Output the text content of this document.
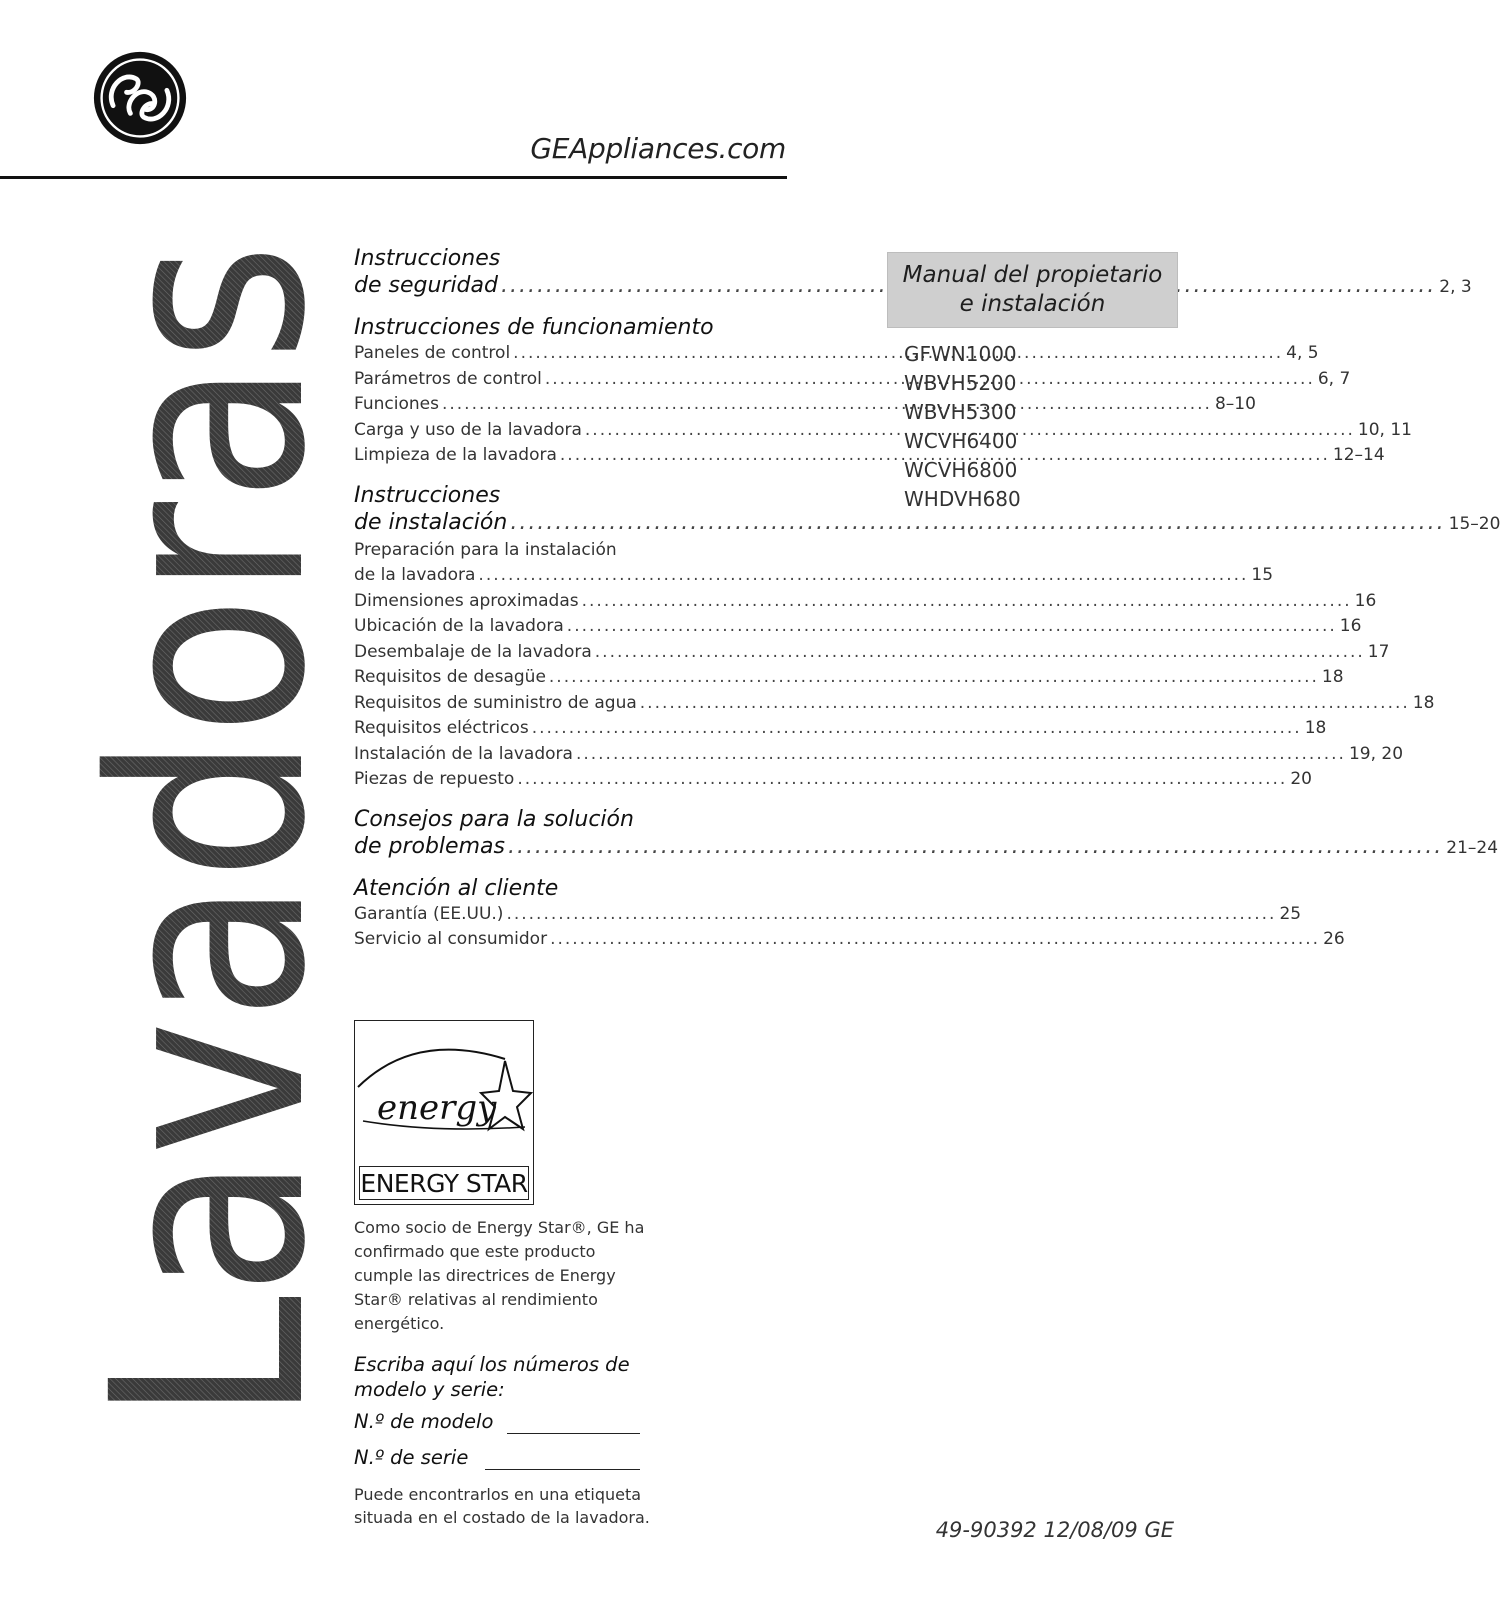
GEAppliances.com
Lavadoras
Instrucciones
de seguridad .....	2, 3
Instrucciones de funcionamiento
Paneles de control .....	4, 5
Parámetros de control .....	6, 7
Funciones .....	8–10
Carga y uso de la lavadora .....	10, 11
Limpieza de la lavadora .....	12–14
Instrucciones
de instalación .....	15–20
Preparación para la instalación
de la lavadora .....	15
Dimensiones aproximadas .....	16
Ubicación de la lavadora .....	16
Desembalaje de la lavadora .....	17
Requisitos de desagüe .....	18
Requisitos de suministro de agua .....	18
Requisitos eléctricos .....	18
Instalación de la lavadora .....	19, 20
Piezas de repuesto .....	20
Consejos para la solución
de problemas .....	21–24
Atención al cliente
Garantía (EE.UU.) .....	25
Servicio al consumidor .....	26
Manual del propietario
e instalación
GFWN1000
WBVH5200
WBVH5300
WCVH6400
WCVH6800
WHDVH680
energy
ENERGY STAR
Como socio de Energy Star®, GE ha confirmado que este producto cumple las directrices de Energy Star® relativas al rendimiento energético.
Escriba aquí los números de modelo y serie:
N.º de modelo
N.º de serie
Puede encontrarlos en una etiqueta situada en el costado de la lavadora.
49-90392 12/08/09 GE
